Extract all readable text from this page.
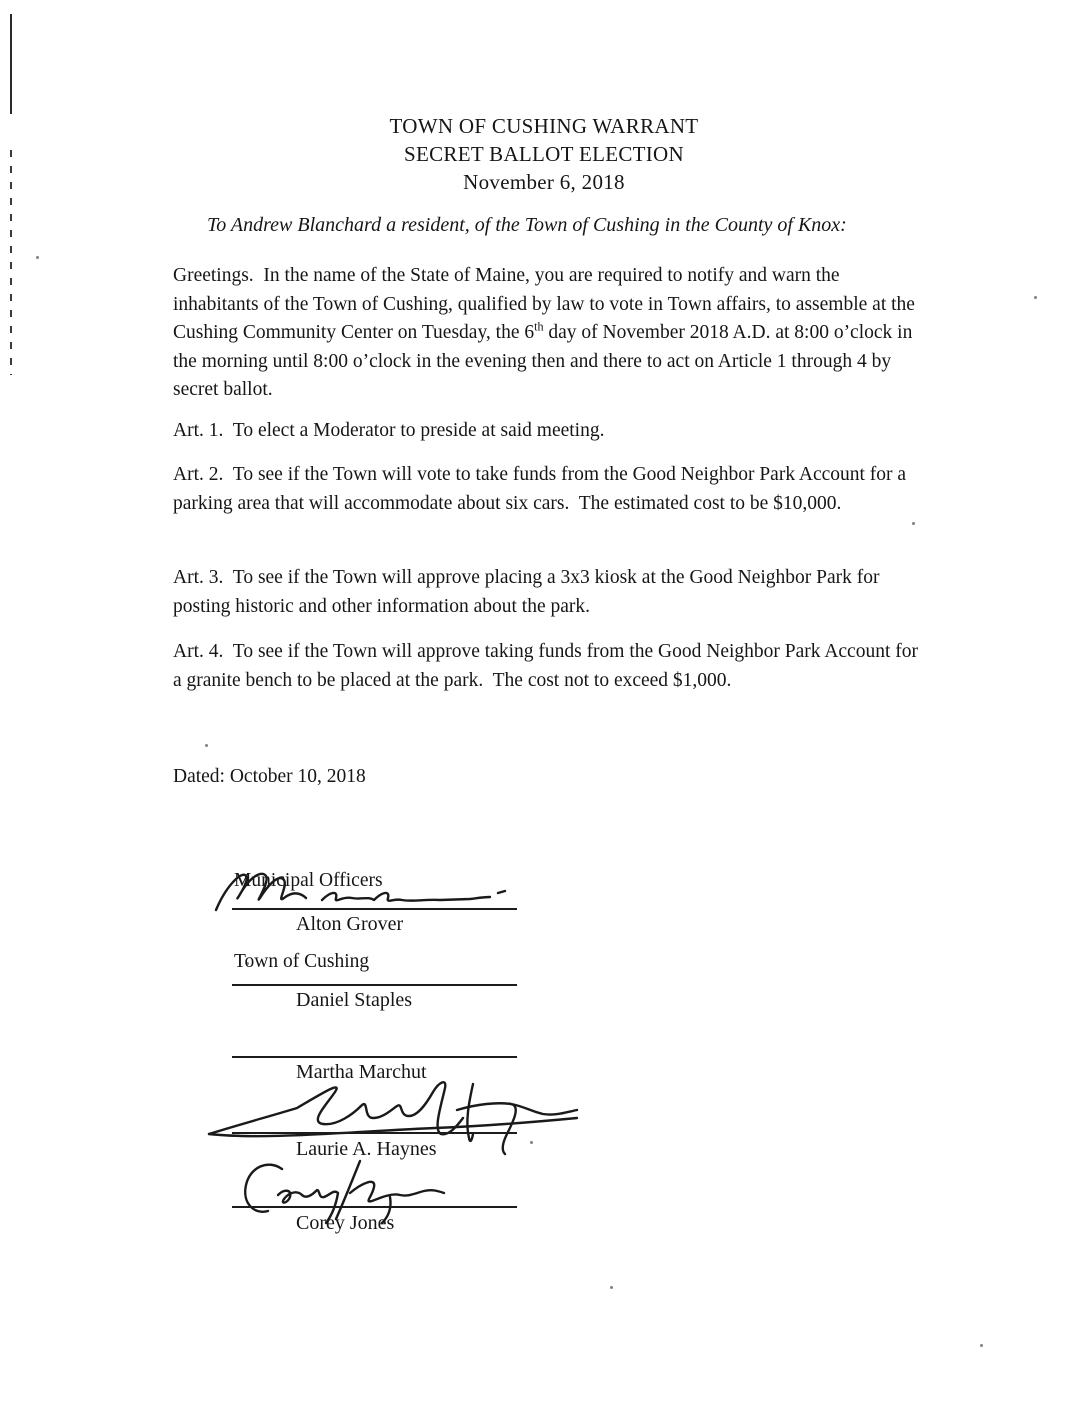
TOWN OF CUSHING WARRANT
SECRET BALLOT ELECTION
November 6, 2018

To Andrew Blanchard a resident, of the Town of Cushing in the County of Knox:

Greetings.  In the name of the State of Maine, you are required to notify and warn the inhabitants of the Town of Cushing, qualified by law to vote in Town affairs, to assemble at the Cushing Community Center on Tuesday, the 6th day of November 2018 A.D. at 8:00 o’clock in the morning until 8:00 o’clock in the evening then and there to act on Article 1 through 4 by secret ballot.

Art. 1.  To elect a Moderator to preside at said meeting.

Art. 2.  To see if the Town will vote to take funds from the Good Neighbor Park Account for a parking area that will accommodate about six cars.  The estimated cost to be $10,000.

Art. 3.  To see if the Town will approve placing a 3x3 kiosk at the Good Neighbor Park for posting historic and other information about the park.

Art. 4.  To see if the Town will approve taking funds from the Good Neighbor Park Account for a granite bench to be placed at the park.  The cost not to exceed $1,000.

Dated: October 10, 2018

Municipal Officers

Town of Cushing

Alton Grover
Daniel Staples
Martha Marchut
Laurie A. Haynes
Corey Jones
